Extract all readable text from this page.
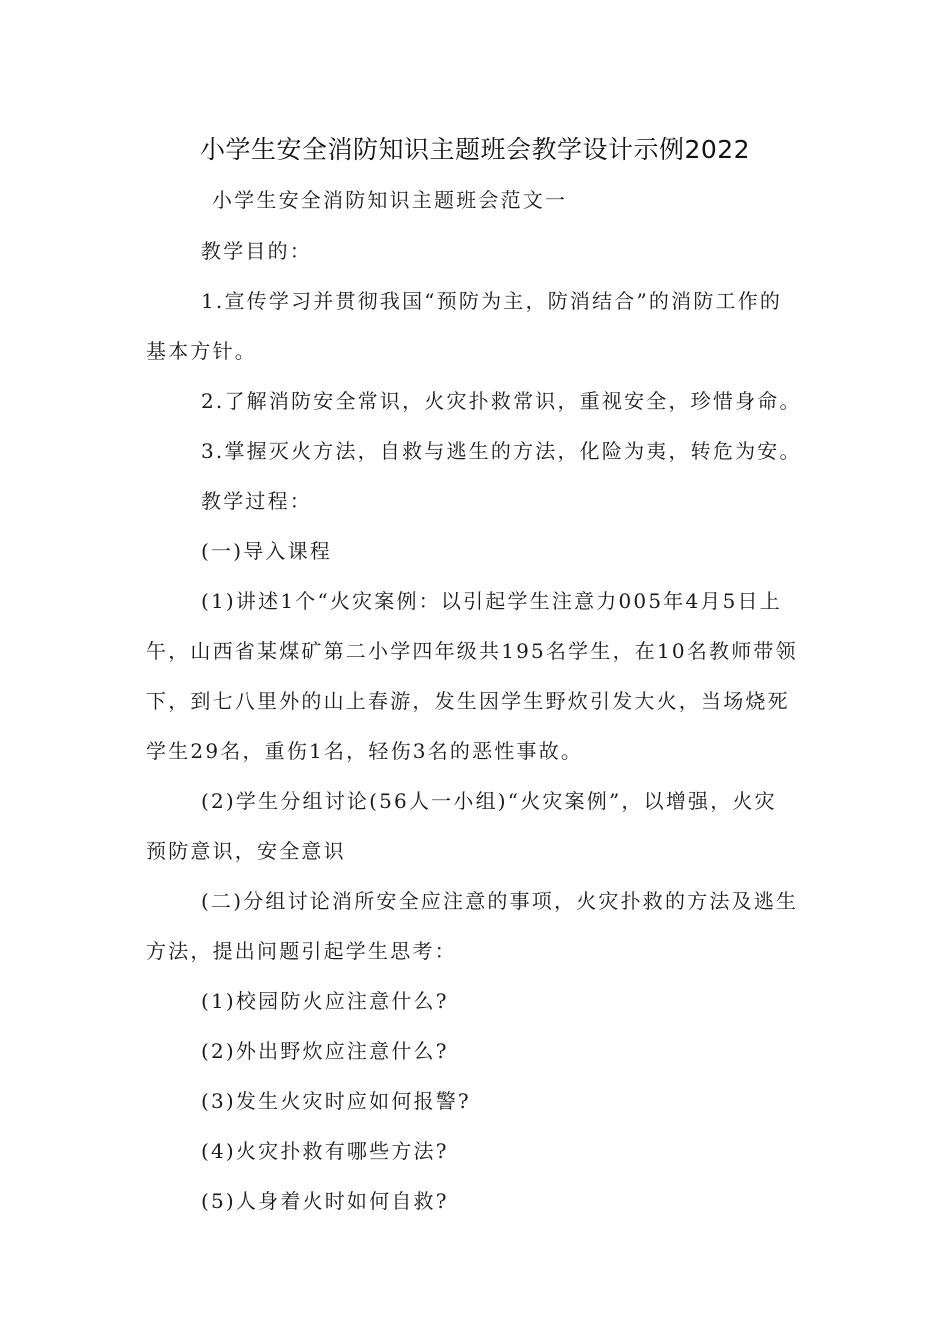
小学生安全消防知识主题班会教学设计示例2022
小学生安全消防知识主题班会范文一
教学目的：
1.宣传学习并贯彻我国“预防为主，防消结合”的消防工作的
基本方针。
2.了解消防安全常识，火灾扑救常识，重视安全，珍惜身命。
3.掌握灭火方法，自救与逃生的方法，化险为夷，转危为安。
教学过程：
(一)导入课程
(1)讲述1个“火灾案例：以引起学生注意力005年4月5日上
午，山西省某煤矿第二小学四年级共195名学生，在10名教师带领
下，到七八里外的山上春游，发生因学生野炊引发大火，当场烧死
学生29名，重伤1名，轻伤3名的恶性事故。
(2)学生分组讨论(56人一小组)“火灾案例”，以增强，火灾
预防意识，安全意识
(二)分组讨论消所安全应注意的事项，火灾扑救的方法及逃生
方法，提出问题引起学生思考：
(1)校园防火应注意什么?
(2)外出野炊应注意什么?
(3)发生火灾时应如何报警?
(4)火灾扑救有哪些方法?
(5)人身着火时如何自救?
